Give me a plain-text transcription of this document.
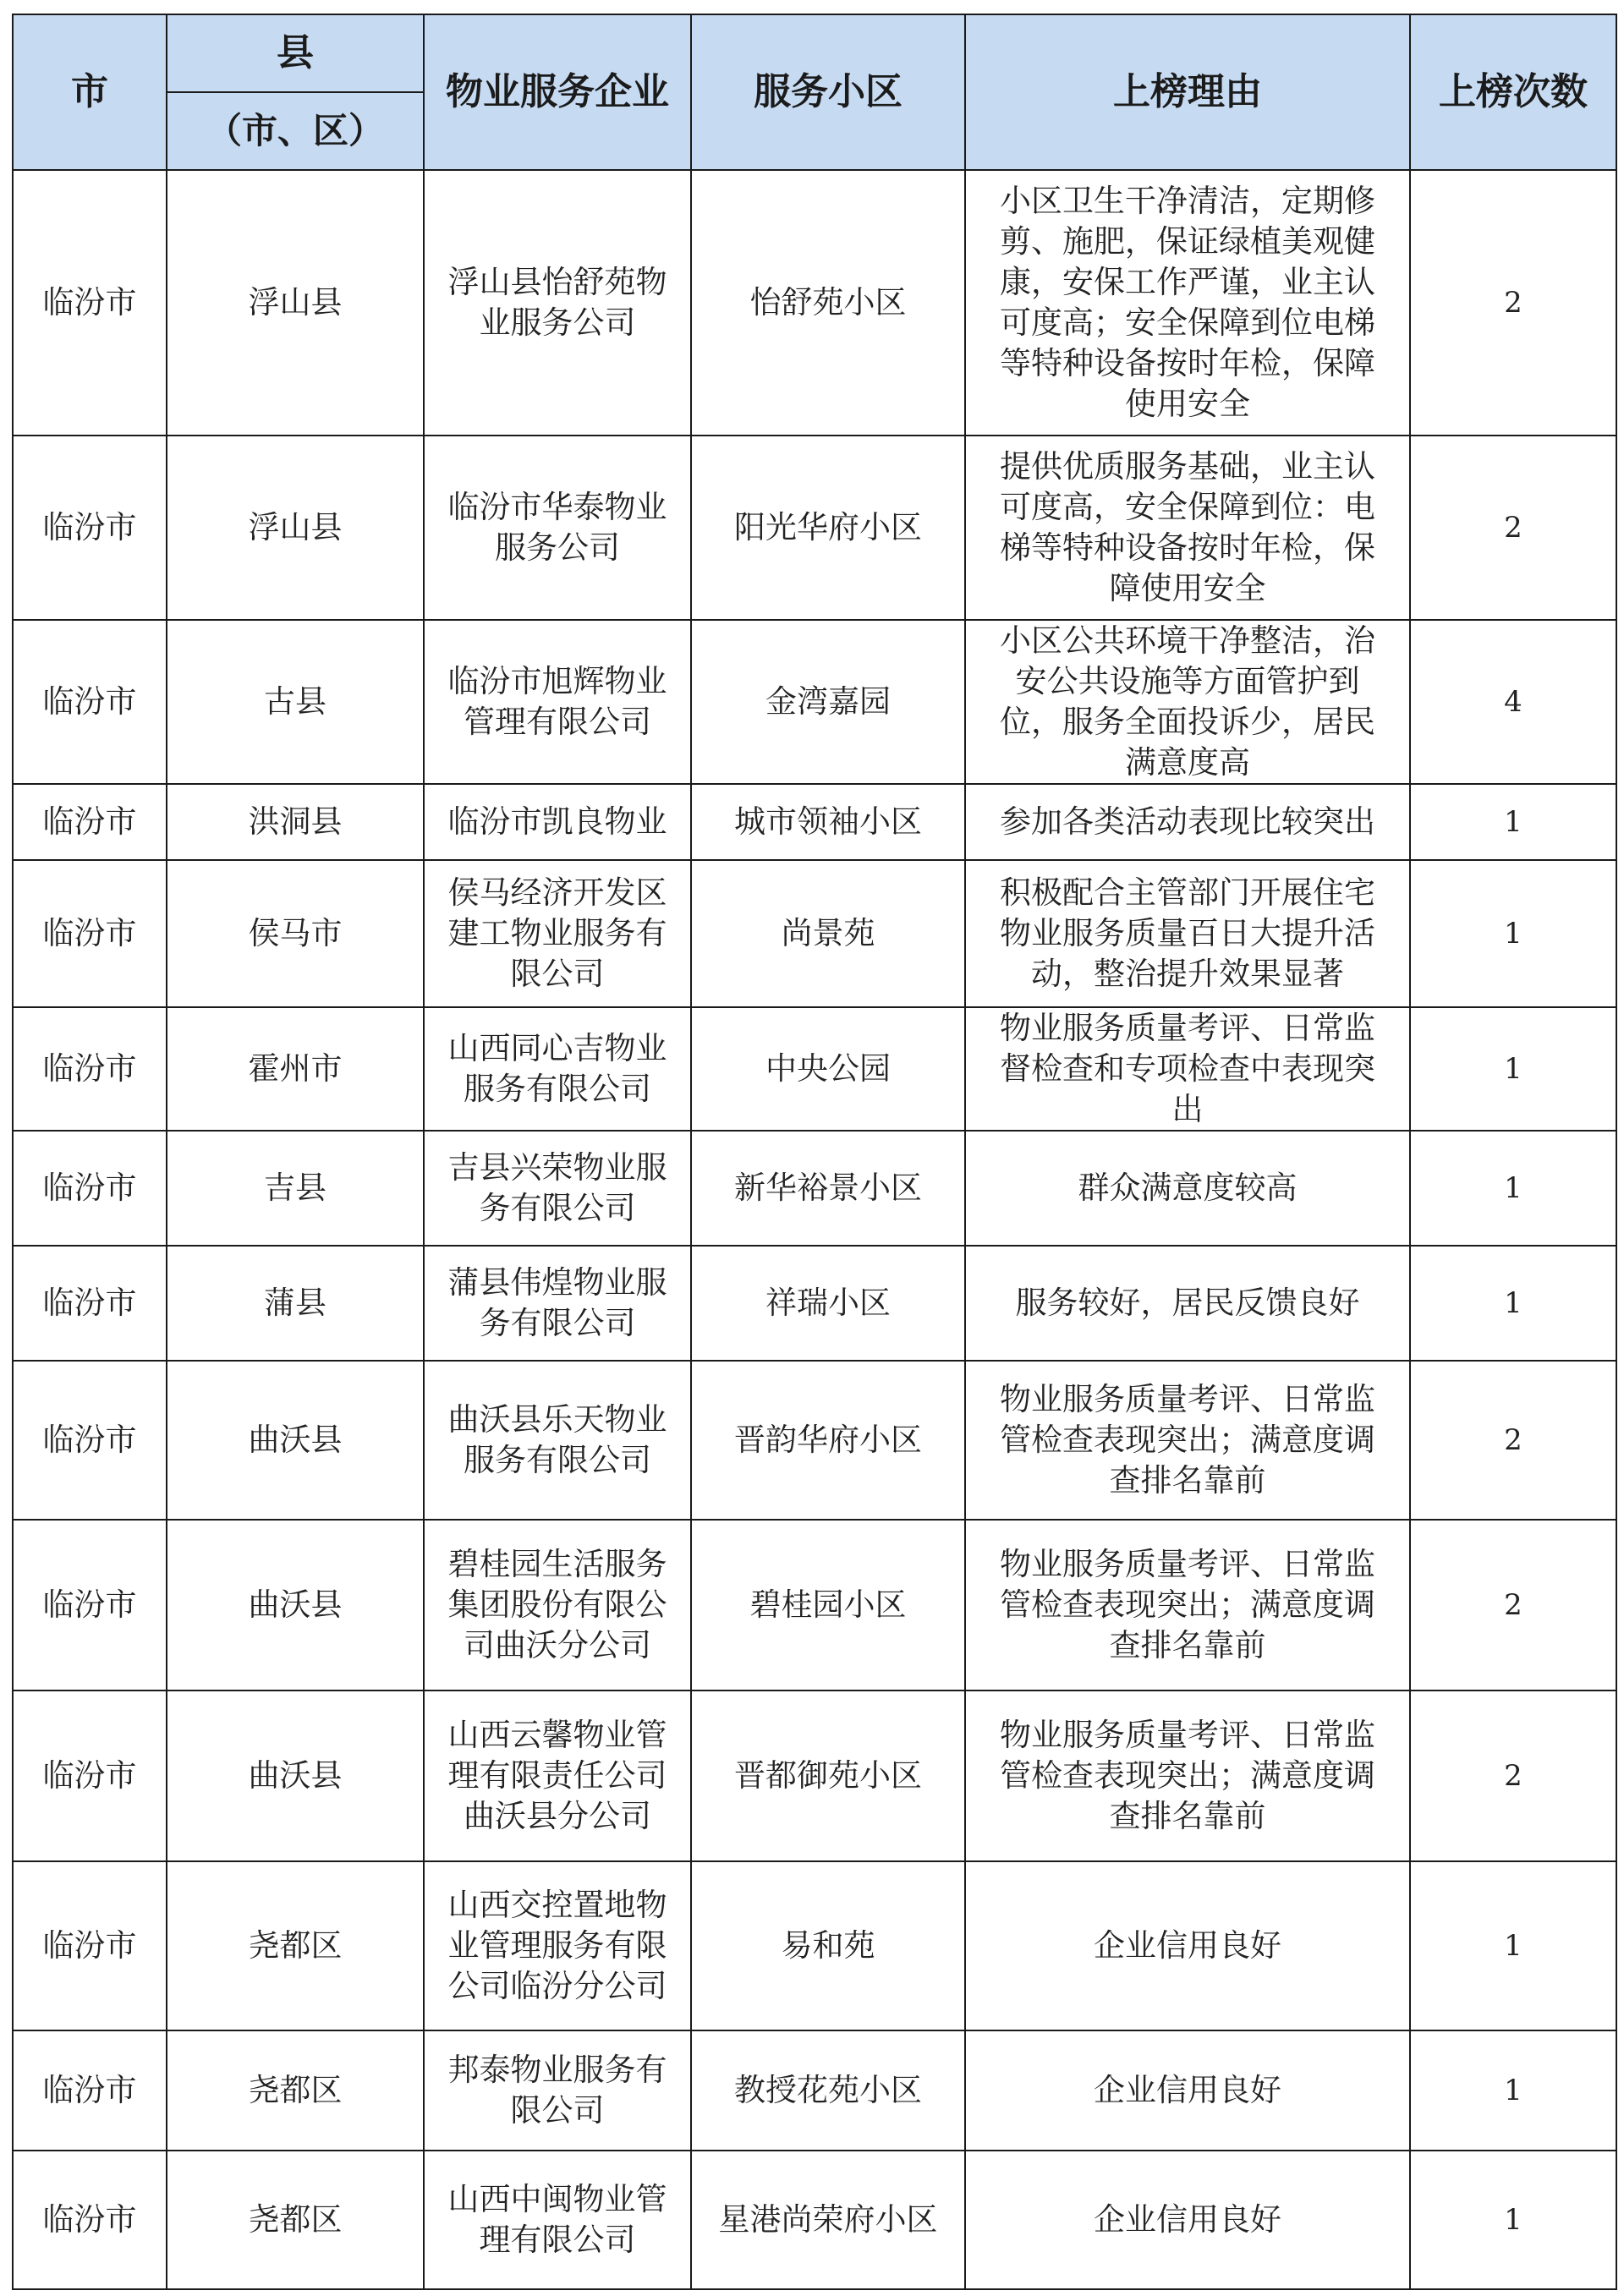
市	县	物业服务企业	服务小区	上榜理由	上榜次数
	（市、区）				
临汾市	浮山县	浮山县怡舒苑物业服务公司	怡舒苑小区	小区卫生干净清洁，定期修剪、施肥，保证绿植美观健康，安保工作严谨，业主认可度高；安全保障到位电梯等特种设备按时年检，保障使用安全	2
临汾市	浮山县	临汾市华泰物业服务公司	阳光华府小区	提供优质服务基础，业主认可度高，安全保障到位：电梯等特种设备按时年检，保障使用安全	2
临汾市	古县	临汾市旭辉物业管理有限公司	金湾嘉园	小区公共环境干净整洁，治安公共设施等方面管护到位，服务全面投诉少，居民满意度高	4
临汾市	洪洞县	临汾市凯良物业	城市领袖小区	参加各类活动表现比较突出	1
临汾市	侯马市	侯马经济开发区建工物业服务有限公司	尚景苑	积极配合主管部门开展住宅物业服务质量百日大提升活动，整治提升效果显著	1
临汾市	霍州市	山西同心吉物业服务有限公司	中央公园	物业服务质量考评、日常监督检查和专项检查中表现突出	1
临汾市	吉县	吉县兴荣物业服务有限公司	新华裕景小区	群众满意度较高	1
临汾市	蒲县	蒲县伟煌物业服务有限公司	祥瑞小区	服务较好，居民反馈良好	1
临汾市	曲沃县	曲沃县乐天物业服务有限公司	晋韵华府小区	物业服务质量考评、日常监管检查表现突出；满意度调查排名靠前	2
临汾市	曲沃县	碧桂园生活服务集团股份有限公司曲沃分公司	碧桂园小区	物业服务质量考评、日常监管检查表现突出；满意度调查排名靠前	2
临汾市	曲沃县	山西云馨物业管理有限责任公司曲沃县分公司	晋都御苑小区	物业服务质量考评、日常监管检查表现突出；满意度调查排名靠前	2
临汾市	尧都区	山西交控置地物业管理服务有限公司临汾分公司	易和苑	企业信用良好	1
临汾市	尧都区	邦泰物业服务有限公司	教授花苑小区	企业信用良好	1
临汾市	尧都区	山西中闽物业管理有限公司	星港尚荣府小区	企业信用良好	1
